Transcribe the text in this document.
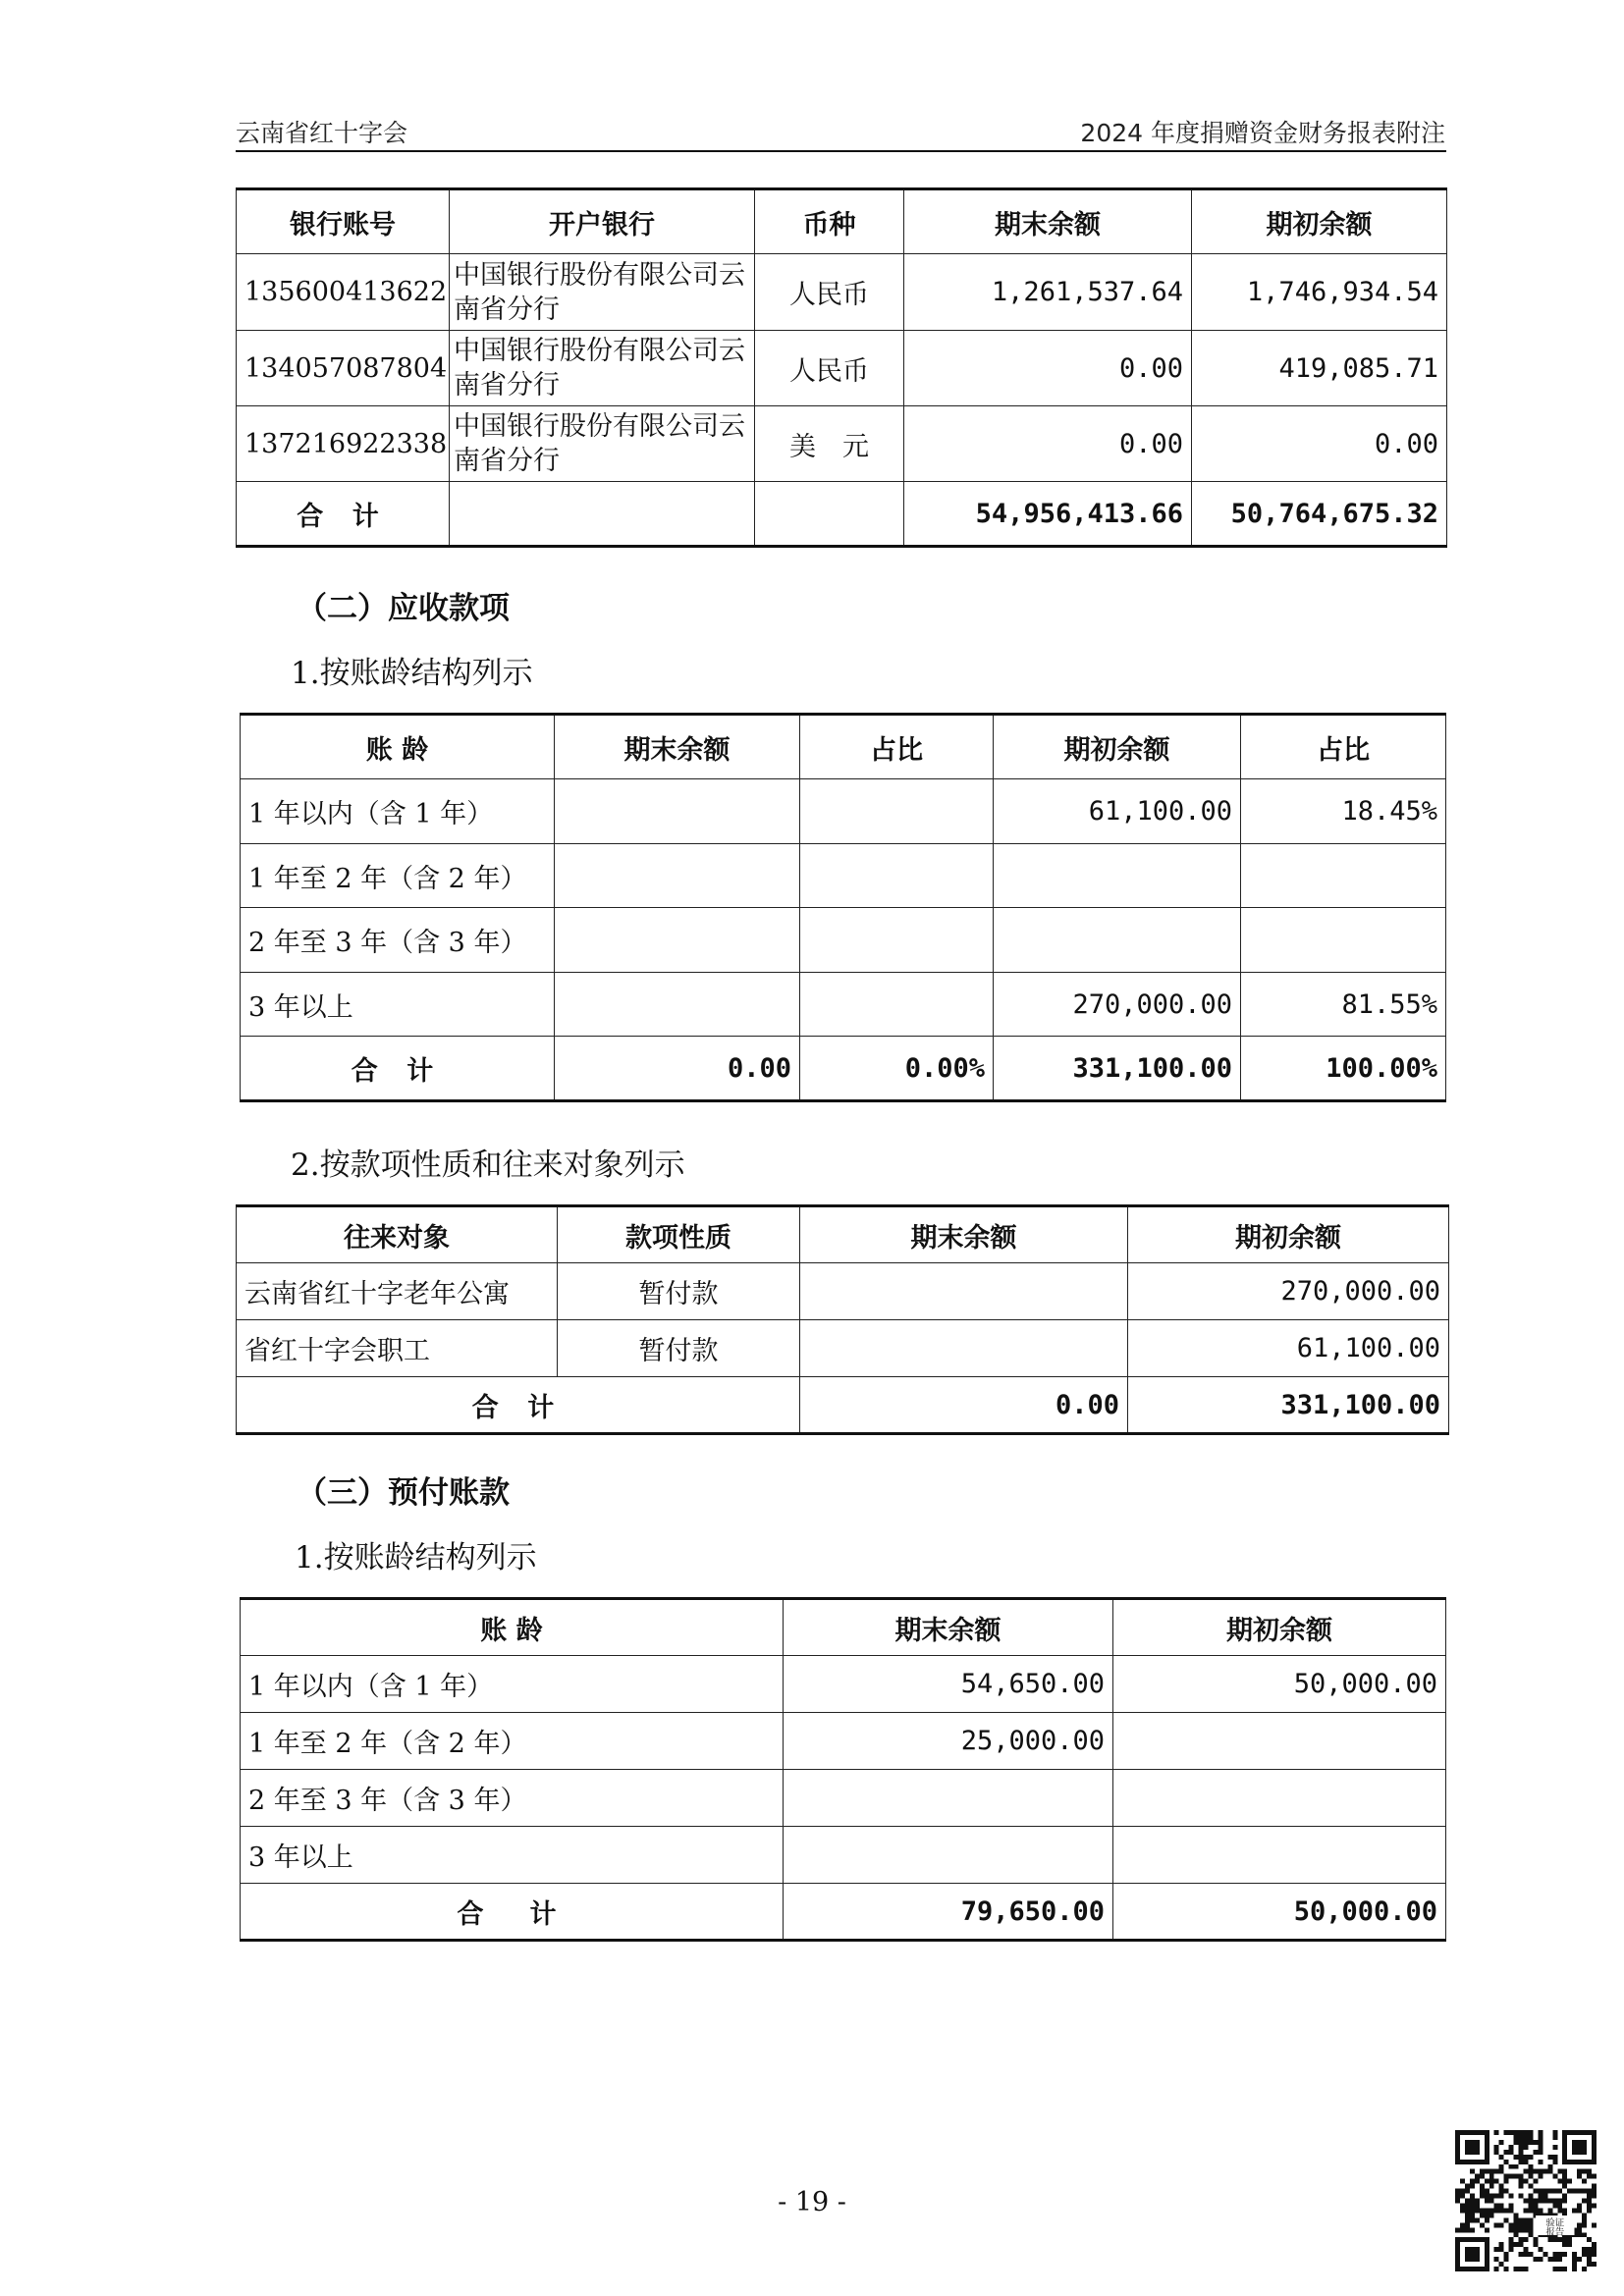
云南省红十字会	2024 年度捐赠资金财务报表附注
银行账号	开户银行	币种	期末余额	期初余额
135600413622	中国银行股份有限公司云南省分行	人民币	1,261,537.64	1,746,934.54
134057087804	中国银行股份有限公司云南省分行	人民币	0.00	419,085.71
137216922338	中国银行股份有限公司云南省分行	美　元	0.00	0.00
合 计			54,956,413.66	50,764,675.32
（二）应收款项
1.按账龄结构列示
账 龄	期末余额	占比	期初余额	占比
1 年以内（含 1 年）			61,100.00	18.45%
1 年至 2 年（含 2 年）				
2 年至 3 年（含 3 年）				
3 年以上			270,000.00	81.55%
合 计	0.00	0.00%	331,100.00	100.00%
2.按款项性质和往来对象列示
往来对象	款项性质	期末余额	期初余额
云南省红十字老年公寓	暂付款		270,000.00
省红十字会职工	暂付款		61,100.00
合 计		0.00	331,100.00
（三）预付账款
1.按账龄结构列示
账 龄	期末余额	期初余额
1 年以内（含 1 年）	54,650.00	50,000.00
1 年至 2 年（含 2 年）	25,000.00	
2 年至 3 年（含 3 年）		
3 年以上		
合　计	79,650.00	50,000.00
- 19 -
验证报告
